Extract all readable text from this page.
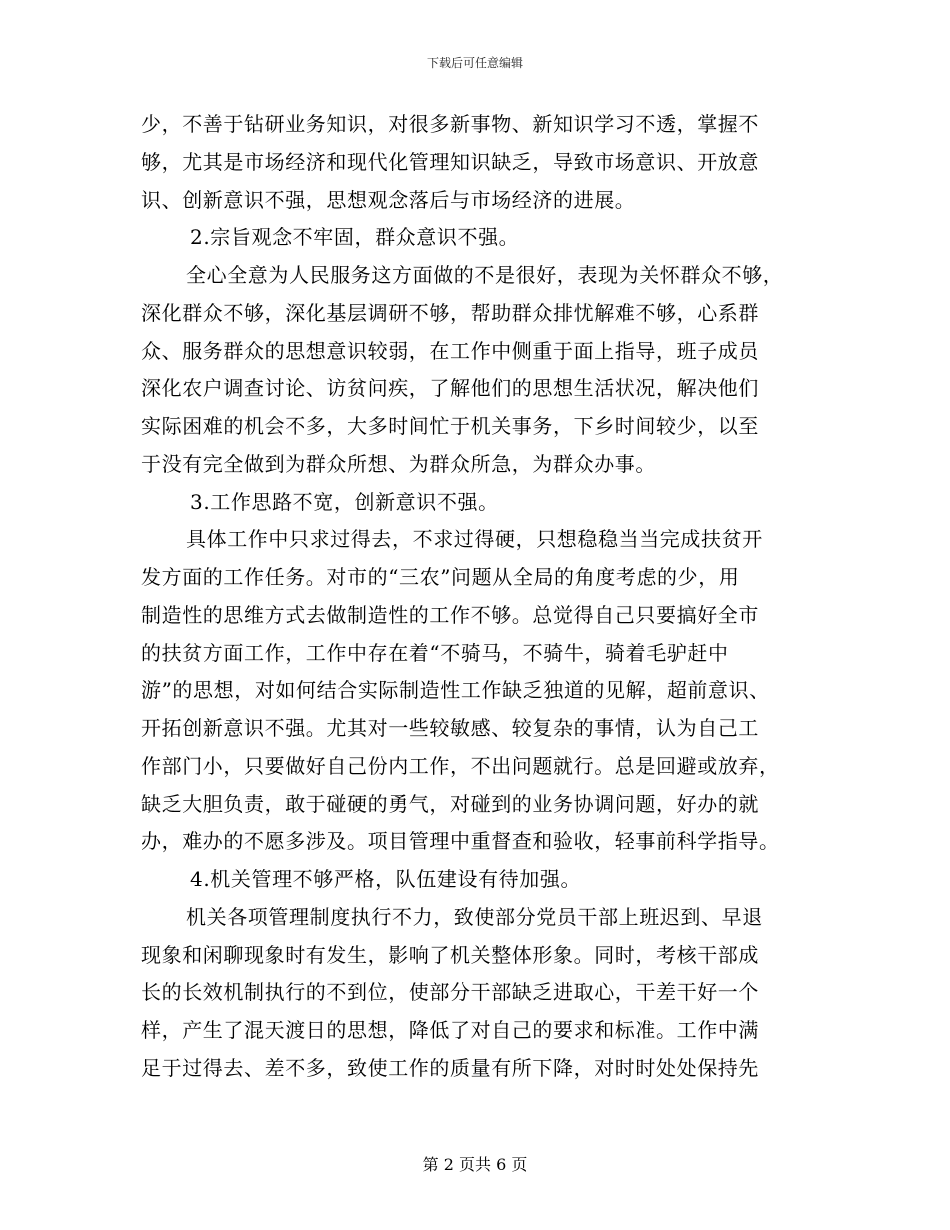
下载后可任意编辑
少，不善于钻研业务知识，对很多新事物、新知识学习不透，掌握不
够，尤其是市场经济和现代化管理知识缺乏，导致市场意识、开放意
识、创新意识不强，思想观念落后与市场经济的进展。
2.宗旨观念不牢固，群众意识不强。
全心全意为人民服务这方面做的不是很好，表现为关怀群众不够，
深化群众不够，深化基层调研不够，帮助群众排忧解难不够，心系群
众、服务群众的思想意识较弱，在工作中侧重于面上指导，班子成员
深化农户调查讨论、访贫问疾，了解他们的思想生活状况，解决他们
实际困难的机会不多，大多时间忙于机关事务，下乡时间较少，以至
于没有完全做到为群众所想、为群众所急，为群众办事。
3.工作思路不宽，创新意识不强。
具体工作中只求过得去，不求过得硬，只想稳稳当当完成扶贫开
发方面的工作任务。对市的“三农”问题从全局的角度考虑的少，用
制造性的思维方式去做制造性的工作不够。总觉得自己只要搞好全市
的扶贫方面工作，工作中存在着“不骑马，不骑牛，骑着毛驴赶中
游”的思想，对如何结合实际制造性工作缺乏独道的见解，超前意识、
开拓创新意识不强。尤其对一些较敏感、较复杂的事情，认为自己工
作部门小，只要做好自己份内工作，不出问题就行。总是回避或放弃，
缺乏大胆负责，敢于碰硬的勇气，对碰到的业务协调问题，好办的就
办，难办的不愿多涉及。项目管理中重督查和验收，轻事前科学指导。
4.机关管理不够严格，队伍建设有待加强。
机关各项管理制度执行不力，致使部分党员干部上班迟到、早退
现象和闲聊现象时有发生，影响了机关整体形象。同时，考核干部成
长的长效机制执行的不到位，使部分干部缺乏进取心，干差干好一个
样，产生了混天渡日的思想，降低了对自己的要求和标准。工作中满
足于过得去、差不多，致使工作的质量有所下降，对时时处处保持先
第 2 页共 6 页
